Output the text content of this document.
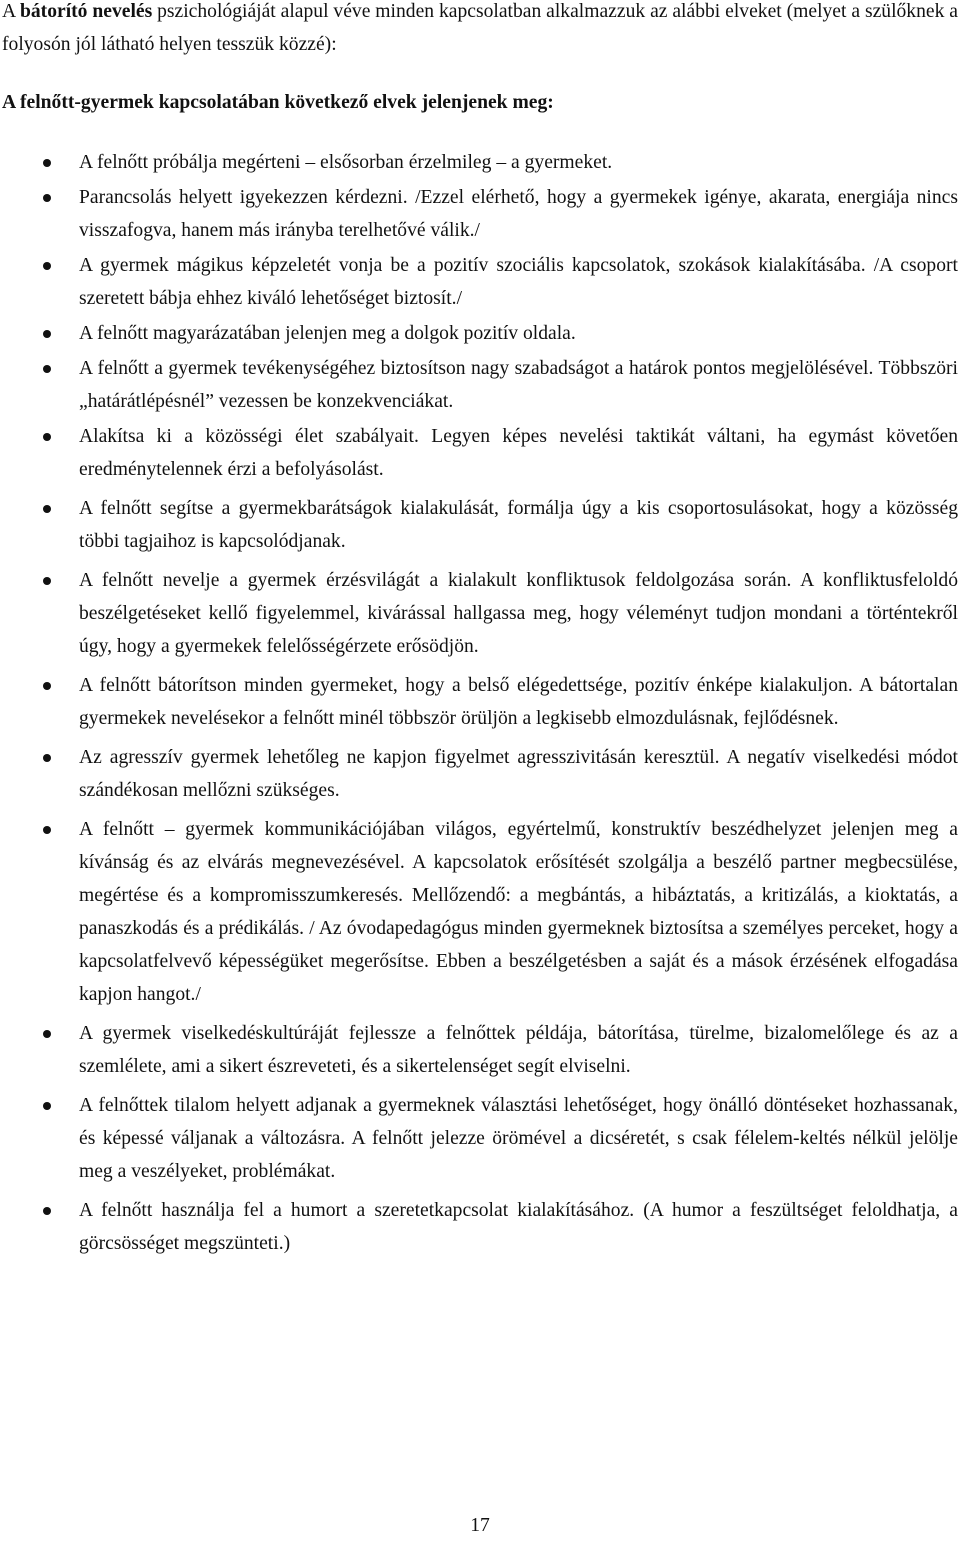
A bátorító nevelés pszichológiáját alapul véve minden kapcsolatban alkalmazzuk az alábbi elveket (melyet a szülőknek a folyosón jól látható helyen tesszük közzé):

A felnőtt-gyermek kapcsolatában következő elvek jelenjenek meg:

A felnőtt próbálja megérteni – elsősorban érzelmileg – a gyermeket.
Parancsolás helyett igyekezzen kérdezni. /Ezzel elérhető, hogy a gyermekek igénye, akarata, energiája nincs visszafogva, hanem más irányba terelhetővé válik./
A gyermek mágikus képzeletét vonja be a pozitív szociális kapcsolatok, szokások kialakításába. /A csoport szeretett bábja ehhez kiváló lehetőséget biztosít./
A felnőtt magyarázatában jelenjen meg a dolgok pozitív oldala.
A felnőtt a gyermek tevékenységéhez biztosítson nagy szabadságot a határok pontos megjelölésével. Többszöri „határátlépésnél” vezessen be konzekvenciákat.
Alakítsa ki a közösségi élet szabályait. Legyen képes nevelési taktikát váltani, ha egymást követően eredménytelennek érzi a befolyásolást.
A felnőtt segítse a gyermekbarátságok kialakulását, formálja úgy a kis csoportosulásokat, hogy a közösség többi tagjaihoz is kapcsolódjanak.
A felnőtt nevelje a gyermek érzésvilágát a kialakult konfliktusok feldolgozása során. A konfliktusfeloldó beszélgetéseket kellő figyelemmel, kivárással hallgassa meg, hogy véleményt tudjon mondani a történtekről úgy, hogy a gyermekek felelősségérzete erősödjön.
A felnőtt bátorítson minden gyermeket, hogy a belső elégedettsége, pozitív énképe kialakuljon. A bátortalan gyermekek nevelésekor a felnőtt minél többször örüljön a legkisebb elmozdulásnak, fejlődésnek.
Az agresszív gyermek lehetőleg ne kapjon figyelmet agresszivitásán keresztül. A negatív viselkedési módot szándékosan mellőzni szükséges.
A felnőtt – gyermek kommunikációjában világos, egyértelmű, konstruktív beszédhelyzet jelenjen meg a kívánság és az elvárás megnevezésével. A kapcsolatok erősítését szolgálja a beszélő partner megbecsülése, megértése és a kompromisszumkeresés. Mellőzendő: a megbántás, a hibáztatás, a kritizálás, a kioktatás, a panaszkodás és a prédikálás. / Az óvodapedagógus minden gyermeknek biztosítsa a személyes perceket, hogy a kapcsolatfelvevő képességüket megerősítse. Ebben a beszélgetésben a saját és a mások érzésének elfogadása kapjon hangot./
A gyermek viselkedéskultúráját fejlessze a felnőttek példája, bátorítása, türelme, bizalomelőlege és az a szemlélete, ami a sikert észreveteti, és a sikertelenséget segít elviselni.
A felnőttek tilalom helyett adjanak a gyermeknek választási lehetőséget, hogy önálló döntéseket hozhassanak, és képessé váljanak a változásra. A felnőtt jelezze örömével a dicséretét, s csak félelem-keltés nélkül jelölje meg a veszélyeket, problémákat.
A felnőtt használja fel a humort a szeretetkapcsolat kialakításához. (A humor a feszültséget feloldhatja, a görcsösséget megszünteti.)

17
